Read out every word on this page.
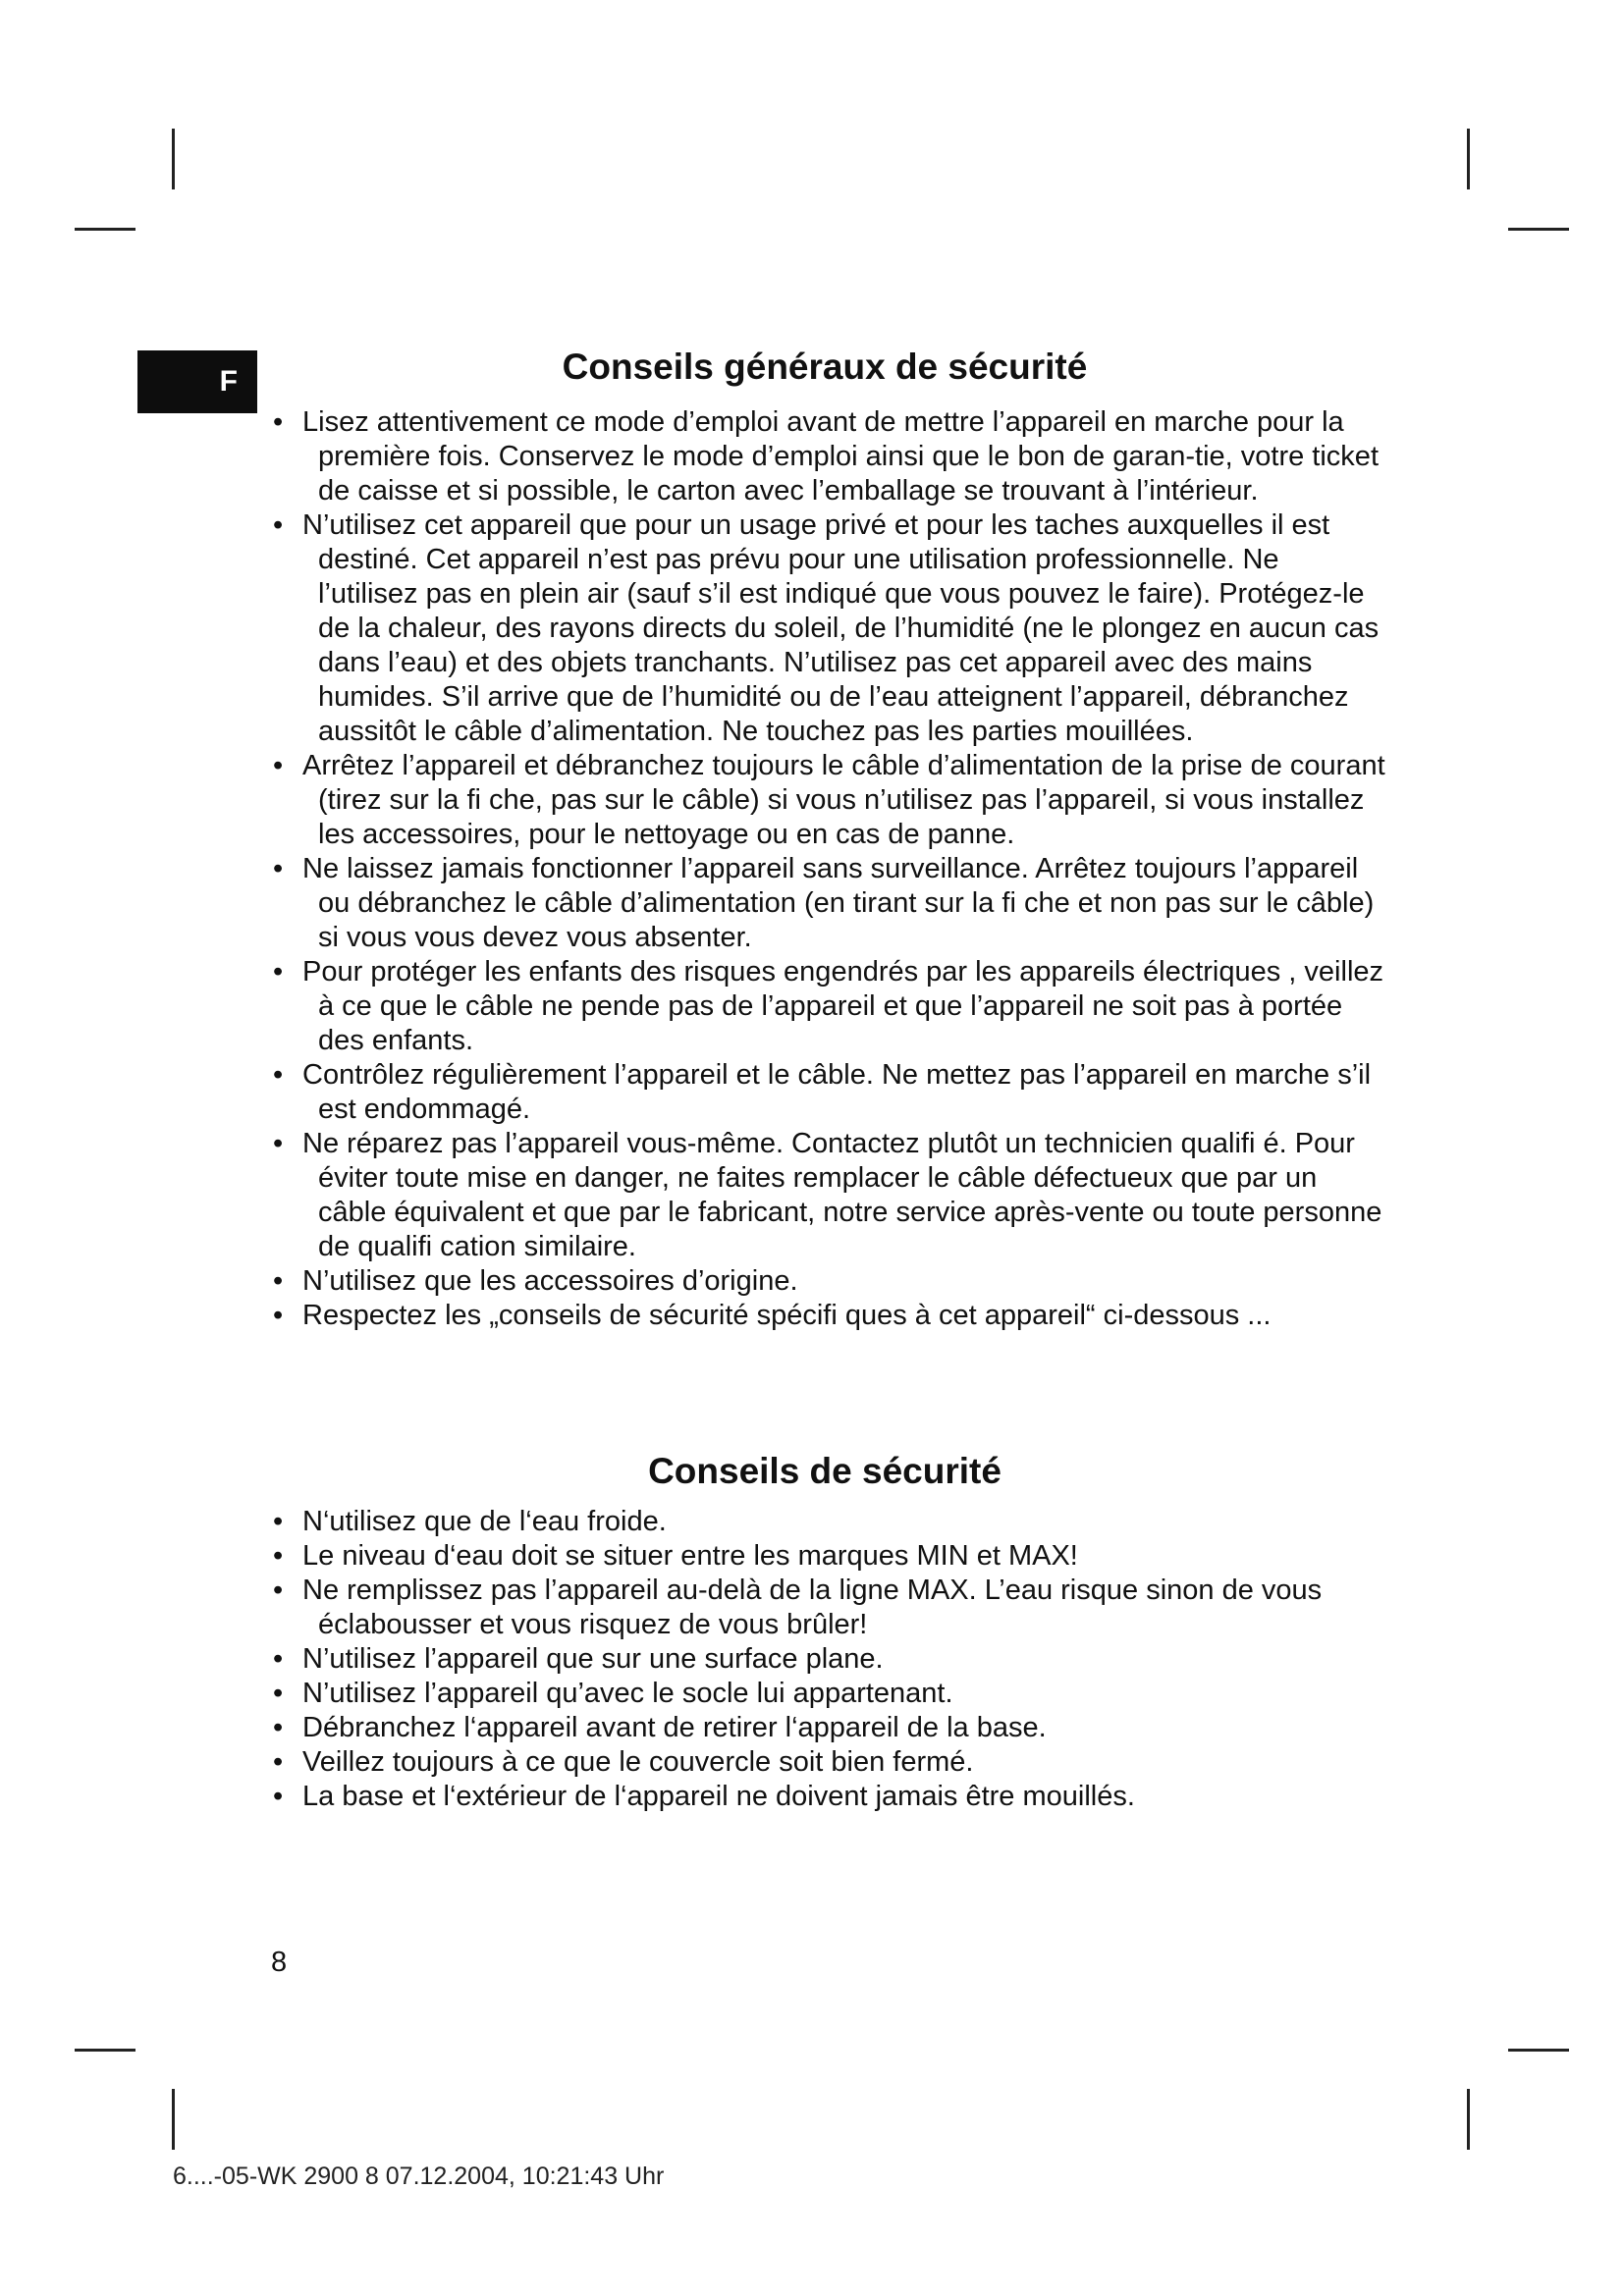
F	Conseils généraux de sécurité
• Lisez attentivement ce mode d’emploi avant de mettre l’appareil en marche pour la première fois. Conservez le mode d’emploi ainsi que le bon de garan-tie, votre ticket de caisse et si possible, le carton avec l’emballage se trouvant à l’intérieur.
• N’utilisez cet appareil que pour un usage privé et pour les taches auxquelles il est destiné. Cet appareil n’est pas prévu pour une utilisation professionnelle. Ne l’utilisez pas en plein air (sauf s’il est indiqué que vous pouvez le faire). Protégez-le de la chaleur, des rayons directs du soleil, de l’humidité (ne le plongez en aucun cas dans l’eau) et des objets tranchants. N’utilisez pas cet appareil avec des mains humides. S’il arrive que de l’humidité ou de l’eau atteignent l’appareil, débranchez aussitôt le câble d’alimentation. Ne touchez pas les parties mouillées.
• Arrêtez l’appareil et débranchez toujours le câble d’alimentation de la prise de courant (tirez sur la fi che, pas sur le câble) si vous n’utilisez pas l’appareil, si vous installez les accessoires, pour le nettoyage ou en cas de panne.
• Ne laissez jamais fonctionner l’appareil sans surveillance. Arrêtez toujours l’appareil ou débranchez le câble d’alimentation (en tirant sur la fi che et non pas sur le câble) si vous vous devez vous absenter.
• Pour protéger les enfants des risques engendrés par les appareils électriques , veillez à ce que le câble ne pende pas de l’appareil et que l’appareil ne soit pas à portée des enfants.
• Contrôlez régulièrement l’appareil et le câble. Ne mettez pas l’appareil en marche s’il est endommagé.
• Ne réparez pas l’appareil vous-même. Contactez plutôt un technicien qualifi é. Pour éviter toute mise en danger, ne faites remplacer le câble défectueux que par un câble équivalent et que par le fabricant, notre service après-vente ou toute personne de qualifi cation similaire.
• N’utilisez que les accessoires d’origine.
• Respectez les „conseils de sécurité spécifi ques à cet appareil“ ci-dessous ...
Conseils de sécurité
• N‘utilisez que de l‘eau froide.
• Le niveau d‘eau doit se situer entre les marques MIN et MAX!
• Ne remplissez pas l’appareil au-delà de la ligne MAX. L’eau risque sinon de vous éclabousser et vous risquez de vous brûler!
• N’utilisez l’appareil que sur une surface plane.
• N’utilisez l’appareil qu’avec le socle lui appartenant.
• Débranchez l‘appareil avant de retirer l‘appareil de la base.
• Veillez toujours à ce que le couvercle soit bien fermé.
• La base et l‘extérieur de l‘appareil ne doivent jamais être mouillés.
8
6....-05-WK 2900 8 07.12.2004, 10:21:43 Uhr
